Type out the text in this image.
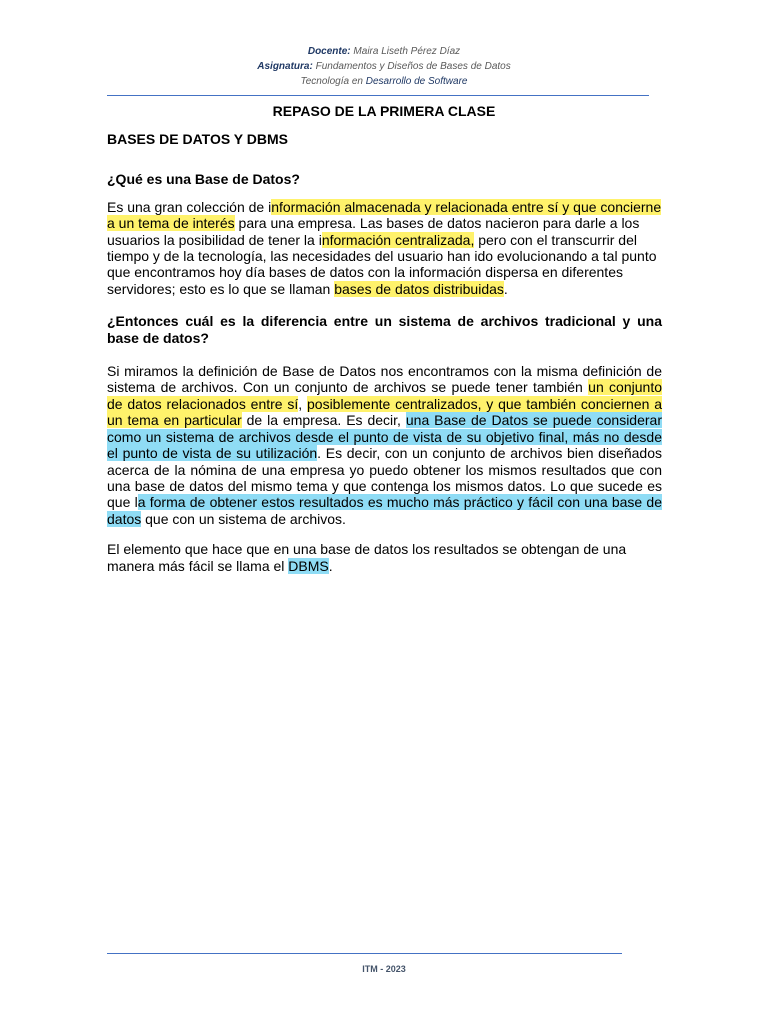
Docente: Maira Liseth Pérez Díaz
Asignatura: Fundamentos y Diseños de Bases de Datos
Tecnología en Desarrollo de Software
REPASO DE LA PRIMERA CLASE

BASES DE DATOS Y DBMS

¿Qué es una Base de Datos?

Es una gran colección de información almacenada y relacionada entre sí y que concierne a un tema de interés para una empresa. Las bases de datos nacieron para darle a los usuarios la posibilidad de tener la información centralizada, pero con el transcurrir del tiempo y de la tecnología, las necesidades del usuario han ido evolucionando a tal punto que encontramos hoy día bases de datos con la información dispersa en diferentes servidores; esto es lo que se llaman bases de datos distribuidas.

¿Entonces cuál es la diferencia entre un sistema de archivos tradicional y una base de datos?

Si miramos la definición de Base de Datos nos encontramos con la misma definición de sistema de archivos. Con un conjunto de archivos se puede tener también un conjunto de datos relacionados entre sí, posiblemente centralizados, y que también conciernen a un tema en particular de la empresa. Es decir, una Base de Datos se puede considerar como un sistema de archivos desde el punto de vista de su objetivo final, más no desde el punto de vista de su utilización. Es decir, con un conjunto de archivos bien diseñados acerca de la nómina de una empresa yo puedo obtener los mismos resultados que con una base de datos del mismo tema y que contenga los mismos datos. Lo que sucede es que la forma de obtener estos resultados es mucho más práctico y fácil con una base de datos que con un sistema de archivos.

El elemento que hace que en una base de datos los resultados se obtengan de una manera más fácil se llama el DBMS.

ITM - 2023
